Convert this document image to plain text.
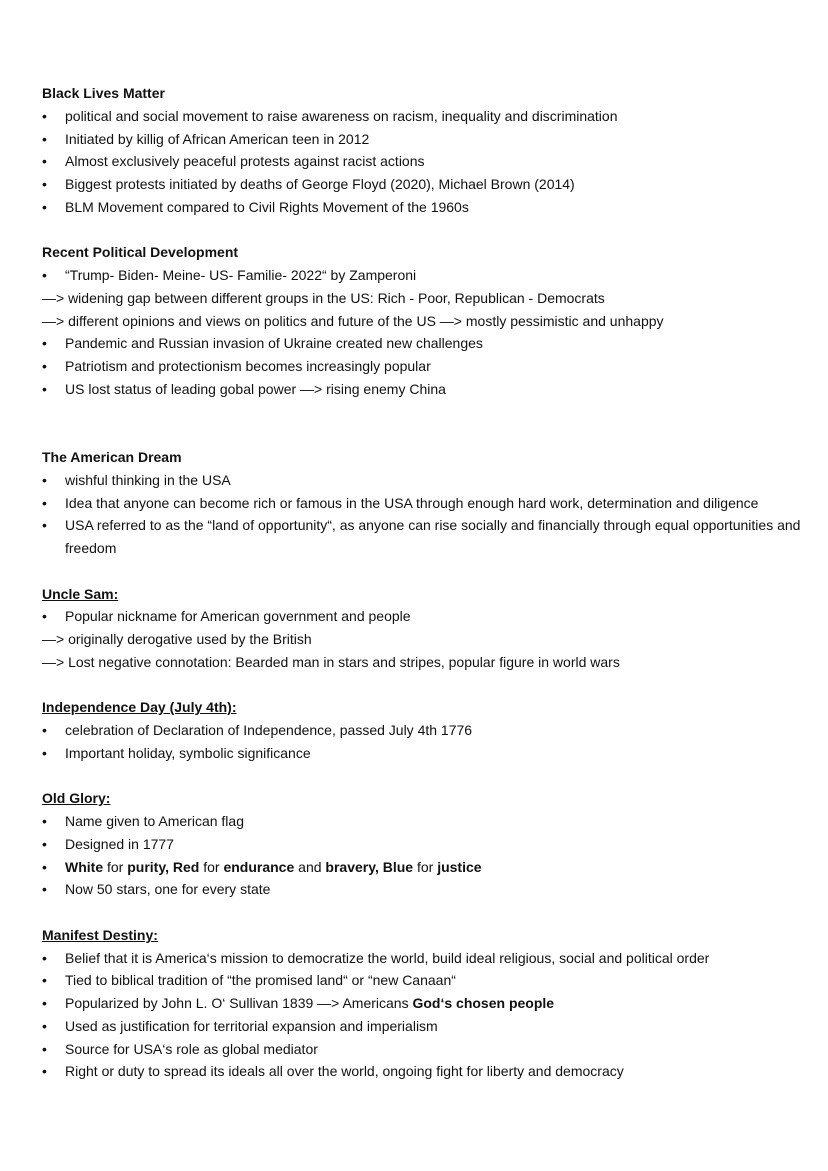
Black Lives Matter
•	political and social movement to raise awareness on racism, inequality and discrimination
•	Initiated by killig of African American teen in 2012
•	Almost exclusively peaceful protests against racist actions
•	Biggest protests initiated by deaths of George Floyd (2020), Michael Brown (2014)
•	BLM Movement compared to Civil Rights Movement of the 1960s
Recent Political Development
•	“Trump- Biden- Meine- US- Familie- 2022“ by Zamperoni
—> widening gap between different groups in the US: Rich - Poor, Republican - Democrats
—> different opinions and views on politics and future of the US —> mostly pessimistic and unhappy
•	Pandemic and Russian invasion of Ukraine created new challenges
•	Patriotism and protectionism becomes increasingly popular
•	US lost status of leading gobal power —> rising enemy China
The American Dream
•	wishful thinking in the USA
•	Idea that anyone can become rich or famous in the USA through enough hard work, determination and diligence
•	USA referred to as the “land of opportunity“, as anyone can rise socially and financially through equal opportunities and freedom
Uncle Sam:
•	Popular nickname for American government and people
—> originally derogative used by the British
—> Lost negative connotation: Bearded man in stars and stripes, popular figure in world wars
Independence Day (July 4th):
•	celebration of Declaration of Independence, passed July 4th 1776
•	Important holiday, symbolic significance
Old Glory:
•	Name given to American flag
•	Designed in 1777
•	White for purity, Red for endurance and bravery, Blue for justice
•	Now 50 stars, one for every state
Manifest Destiny:
•	Belief that it is America‘s mission to democratize the world, build ideal religious, social and political order
•	Tied to biblical tradition of “the promised land“ or “new Canaan“
•	Popularized by John L. O‘ Sullivan 1839 —> Americans God‘s chosen people
•	Used as justification for territorial expansion and imperialism
•	Source for USA‘s role as global mediator
•	Right or duty to spread its ideals all over the world, ongoing fight for liberty and democracy
